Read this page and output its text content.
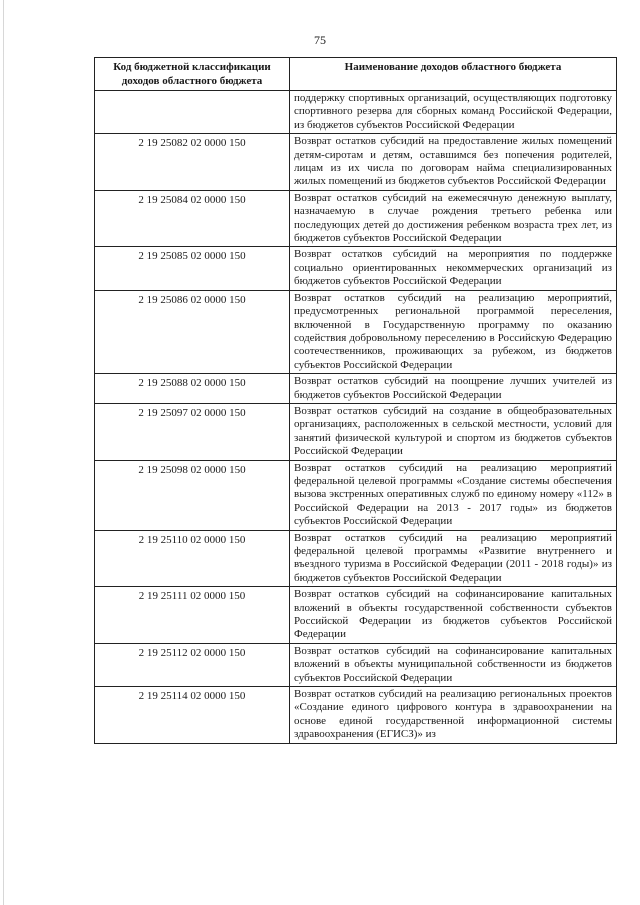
75
Код бюджетной классификации доходов областного бюджета	Наименование доходов областного бюджета
	поддержку спортивных организаций, осуществляющих подготовку спортивного резерва для сборных команд Российской Федерации, из бюджетов субъектов Российской Федерации
2 19 25082 02 0000 150	Возврат остатков субсидий на предоставление жилых помещений детям-сиротам и детям, оставшимся без попечения родителей, лицам из их числа по договорам найма специализированных жилых помещений из бюджетов субъектов Российской Федерации
2 19 25084 02 0000 150	Возврат остатков субсидий на ежемесячную денежную выплату, назначаемую в случае рождения третьего ребенка или последующих детей до достижения ребенком возраста трех лет, из бюджетов субъектов Российской Федерации
2 19 25085 02 0000 150	Возврат остатков субсидий на мероприятия по поддержке социально ориентированных некоммерческих организаций из бюджетов субъектов Российской Федерации
2 19 25086 02 0000 150	Возврат остатков субсидий на реализацию мероприятий, предусмотренных региональной программой переселения, включенной в Государственную программу по оказанию содействия добровольному переселению в Российскую Федерацию соотечественников, проживающих за рубежом, из бюджетов субъектов Российской Федерации
2 19 25088 02 0000 150	Возврат остатков субсидий на поощрение лучших учителей из бюджетов субъектов Российской Федерации
2 19 25097 02 0000 150	Возврат остатков субсидий на создание в общеобразовательных организациях, расположенных в сельской местности, условий для занятий физической культурой и спортом из бюджетов субъектов Российской Федерации
2 19 25098 02 0000 150	Возврат остатков субсидий на реализацию мероприятий федеральной целевой программы «Создание системы обеспечения вызова экстренных оперативных служб по единому номеру «112» в Российской Федерации на 2013 - 2017 годы» из бюджетов субъектов Российской Федерации
2 19 25110 02 0000 150	Возврат остатков субсидий на реализацию мероприятий федеральной целевой программы «Развитие внутреннего и въездного туризма в Российской Федерации (2011 - 2018 годы)» из бюджетов субъектов Российской Федерации
2 19 25111 02 0000 150	Возврат остатков субсидий на софинансирование капитальных вложений в объекты государственной собственности субъектов Российской Федерации из бюджетов субъектов Российской Федерации
2 19 25112 02 0000 150	Возврат остатков субсидий на софинансирование капитальных вложений в объекты муниципальной собственности из бюджетов субъектов Российской Федерации
2 19 25114 02 0000 150	Возврат остатков субсидий на реализацию региональных проектов «Создание единого цифрового контура в здравоохранении на основе единой государственной информационной системы здравоохранения (ЕГИСЗ)» из
